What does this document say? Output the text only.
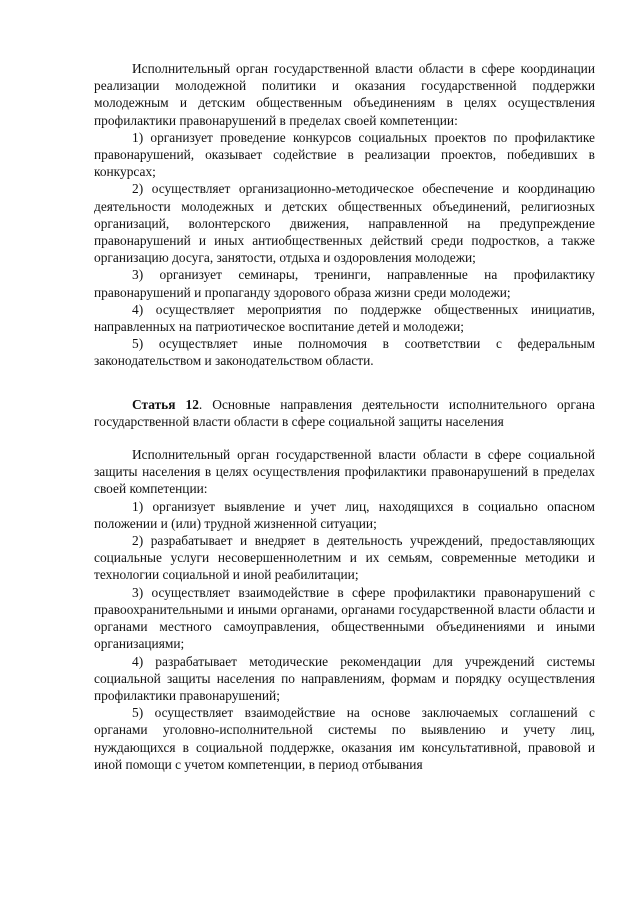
Исполнительный орган государственной власти области в сфере координации реализации молодежной политики и оказания государственной поддержки молодежным и детским общественным объединениям в целях осуществления профилактики правонарушений в пределах своей компетенции:

1) организует проведение конкурсов социальных проектов по профилактике правонарушений, оказывает содействие в реализации проектов, победивших в конкурсах;

2) осуществляет организационно-методическое обеспечение и координацию деятельности молодежных и детских общественных объединений, религиозных организаций, волонтерского движения, направленной на предупреждение правонарушений и иных антиобщественных действий среди подростков, а также организацию досуга, занятости, отдыха и оздоровления молодежи;

3) организует семинары, тренинги, направленные на профилактику правонарушений и пропаганду здорового образа жизни среди молодежи;

4) осуществляет мероприятия по поддержке общественных инициатив, направленных на патриотическое воспитание детей и молодежи;

5) осуществляет иные полномочия в соответствии с федеральным законодательством и законодательством области.

Статья 12. Основные направления деятельности исполнительного органа государственной власти области в сфере социальной защиты населения

Исполнительный орган государственной власти области в сфере социальной защиты населения в целях осуществления профилактики правонарушений в пределах своей компетенции:

1) организует выявление и учет лиц, находящихся в социально опасном положении и (или) трудной жизненной ситуации;

2) разрабатывает и внедряет в деятельность учреждений, предоставляющих социальные услуги несовершеннолетним и их семьям, современные методики и технологии социальной и иной реабилитации;

3) осуществляет взаимодействие в сфере профилактики правонарушений с правоохранительными и иными органами, органами государственной власти области и органами местного самоуправления, общественными объединениями и иными организациями;

4) разрабатывает методические рекомендации для учреждений системы социальной защиты населения по направлениям, формам и порядку осуществления профилактики правонарушений;

5) осуществляет взаимодействие на основе заключаемых соглашений с органами уголовно-исполнительной системы по выявлению и учету лиц, нуждающихся в социальной поддержке, оказания им консультативной, правовой и иной помощи с учетом компетенции, в период отбывания
